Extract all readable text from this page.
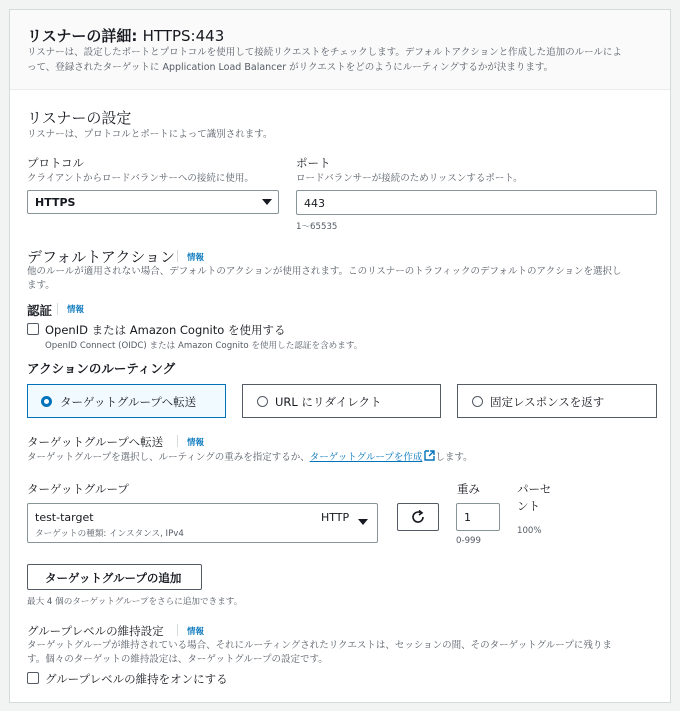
リスナーの詳細: HTTPS:443
リスナーは、設定したポートとプロトコルを使用して接続リクエストをチェックします。デフォルトアクションと作成した追加のルールによ
って、登録されたターゲットに Application Load Balancer がリクエストをどのようにルーティングするかが決まります。
リスナーの設定
リスナーは、プロトコルとポートによって識別されます。
プロトコル
クライアントからロードバランサーへの接続に使用。
HTTPS
ポート
ロードバランサーが接続のためリッスンするポート。
443
1〜65535
デフォルトアクション 情報
他のルールが適用されない場合、デフォルトのアクションが使用されます。このリスナーのトラフィックのデフォルトのアクションを選択し
ます。
認証 情報
OpenID または Amazon Cognito を使用する
OpenID Connect (OIDC) または Amazon Cognito を使用した認証を含めます。
アクションのルーティング
ターゲットグループへ転送	URL にリダイレクト	固定レスポンスを返す
ターゲットグループへ転送	情報
ターゲットグループを選択し、ルーティングの重みを指定するか、ターゲットグループを作成 します。
ターゲットグループ	重み	パーセ
ント
test-target
ターゲットの種類: インスタンス, IPv4
HTTP	1
0-999
100%
ターゲットグループの追加
最大 4 個のターゲットグループをさらに追加できます。
グループレベルの維持設定	情報
ターゲットグループが維持されている場合、それにルーティングされたリクエストは、セッションの間、そのターゲットグループに残りま
す。個々のターゲットの維持設定は、ターゲットグループの設定です。
グループレベルの維持をオンにする
